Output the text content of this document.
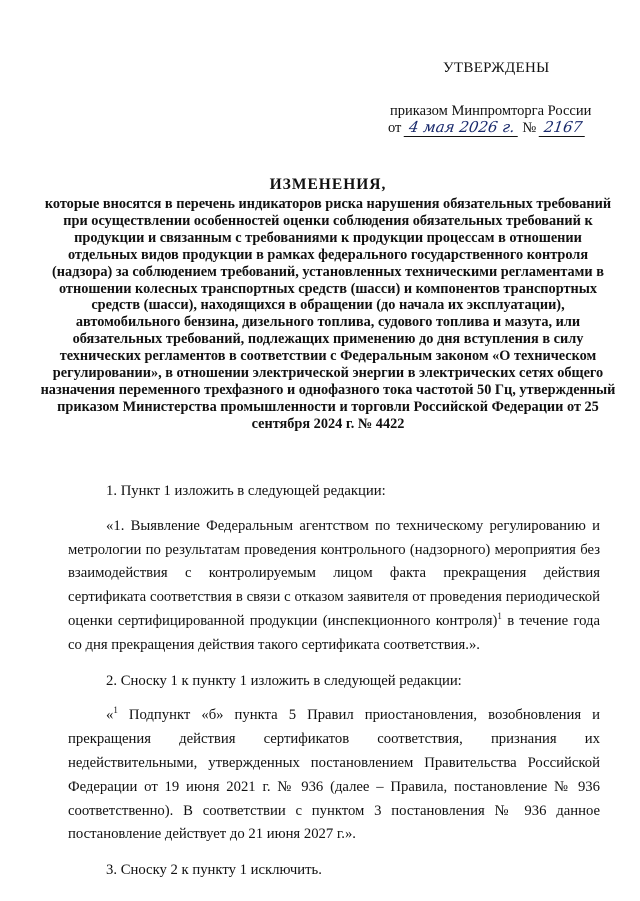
УТВЕРЖДЕНЫ
приказом Минпромторга России
от 4 мая 2026 г. № 2167
ИЗМЕНЕНИЯ,
которые вносятся в перечень индикаторов риска нарушения обязательных требований при осуществлении особенностей оценки соблюдения обязательных требований к продукции и связанным с требованиями к продукции процессам в отношении отдельных видов продукции в рамках федерального государственного контроля (надзора) за соблюдением требований, установленных техническими регламентами в отношении колесных транспортных средств (шасси) и компонентов транспортных средств (шасси), находящихся в обращении (до начала их эксплуатации), автомобильного бензина, дизельного топлива, судового топлива и мазута, или обязательных требований, подлежащих применению до дня вступления в силу технических регламентов в соответствии с Федеральным законом «О техническом регулировании», в отношении электрической энергии в электрических сетях общего назначения переменного трехфазного и однофазного тока частотой 50 Гц, утвержденный приказом Министерства промышленности и торговли Российской Федерации от 25 сентября 2024 г. № 4422

1. Пункт 1 изложить в следующей редакции:

«1. Выявление Федеральным агентством по техническому регулированию и метрологии по результатам проведения контрольного (надзорного) мероприятия без взаимодействия с контролируемым лицом факта прекращения действия сертификата соответствия в связи с отказом заявителя от проведения периодической оценки сертифицированной продукции (инспекционного контроля)$^1$ в течение года со дня прекращения действия такого сертификата соответствия.».

2. Сноску 1 к пункту 1 изложить в следующей редакции:

«$^1$ Подпункт «б» пункта 5 Правил приостановления, возобновления и прекращения действия сертификатов соответствия, признания их недействительными, утвержденных постановлением Правительства Российской Федерации от 19 июня 2021 г. № 936 (далее – Правила, постановление № 936 соответственно). В соответствии с пунктом 3 постановления № 936 данное постановление действует до 21 июня 2027 г.».

3. Сноску 2 к пункту 1 исключить.
